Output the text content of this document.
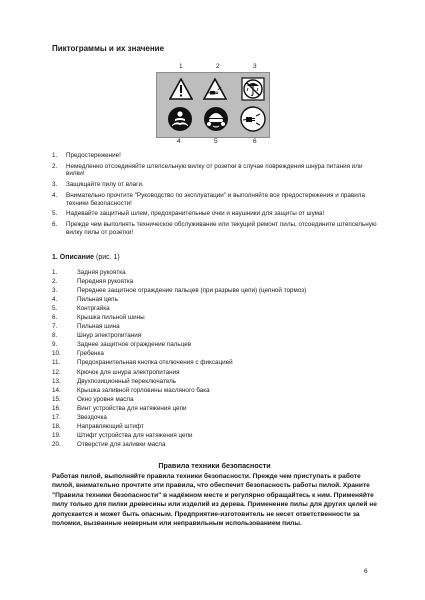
Пиктограммы и их значение
1	2	3
4	5	6
1.	Предостережение!
2.	Немедленно отсоединяйте штепсельную вилку от розетки в случае повреждения шнура питания или вилки!
3.	Защищайте пилу от влаги.
4.	Внимательно прочтите "Руководство по эксплуатации" и выполняйте все предостережения и правила техники безопасности!
5.	Надевайте защитный шлем, предохранительные очки и наушники для защиты от шума!
6.	Прежде чем выполнять техническое обслуживание или текущий ремонт пилы, отсоедините штепсельную вилку пилы от розетки!
1. Описание (рис. 1)
1.	Задняя рукоятка
2.	Передняя рукоятка
3.	Переднее защитное ограждение пальцев (при разрыве цепи) (цепной тормоз)
4.	Пильная цепь
5.	Контргайка
6.	Крышка пильной шины
7.	Пильная шина
8.	Шнур электропитания
9.	Заднее защитное ограждение пальцев
10.	Гребенка
11.	Предохранительная кнопка отключения с фиксацией
12.	Крючок для шнура электропитания
13.	Двухпозиционный переключатель
14.	Крышка заливной горловины масляного бака
15.	Окно уровня масла
16.	Винт устройства для натяжения цепи
17.	Звездочка
18.	Направляющий штифт
19.	Штифт устройства для натяжения цепи
20.	Отверстие для заливки масла
Правила техники безопасности
Работая пилой, выполняйте правила техники безопасности. Прежде чем приступать к работе пилой, внимательно прочтите эти правила, что обеспечит безопасность работы пилой. Храните "Правила техники безопасности" в надёжном месте и регулярно обращайтесь к ним. Применяйте пилу только для пилки древесины или изделий из дерева. Применение пилы для других целей не допускается и может быть опасным. Предприятие-изготовитель не несет ответственности за поломки, вызванные неверным или неправильным использованием пилы.
6
